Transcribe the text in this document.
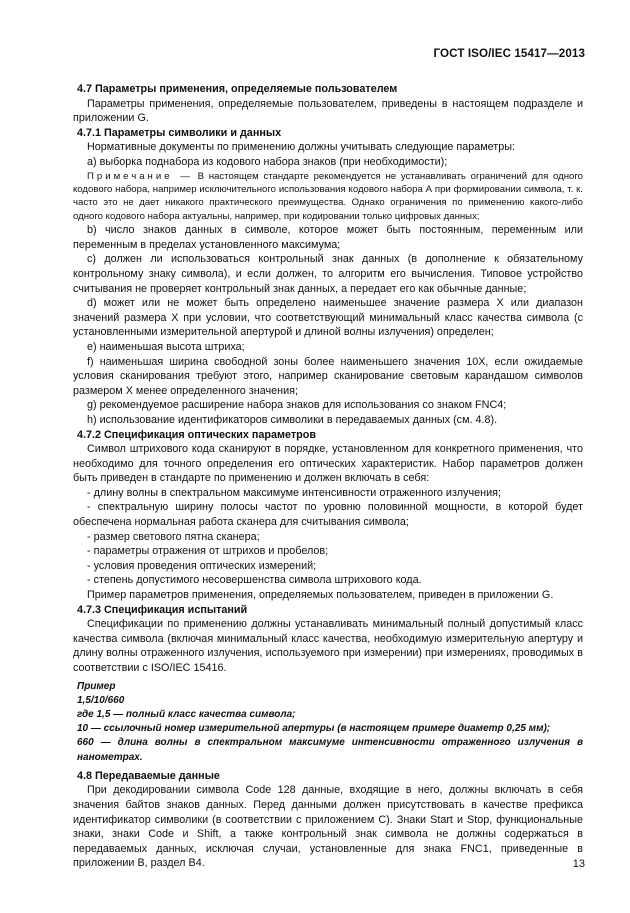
ГОСТ ISO/IEC 15417—2013

4.7 Параметры применения, определяемые пользователем

Параметры применения, определяемые пользователем, приведены в настоящем подразделе и приложении G.

4.7.1 Параметры символики и данных

Нормативные документы по применению должны учитывать следующие параметры:

а) выборка поднабора из кодового набора знаков (при необходимости);

Примечание — В настоящем стандарте рекомендуется не устанавливать ограничений для одного кодового набора, например исключительного использования кодового набора А при формировании символа, т. к. часто это не дает никакого практического преимущества. Однако ограничения по применению какого-либо одного кодового набора актуальны, например, при кодировании только цифровых данных;

b) число знаков данных в символе, которое может быть постоянным, переменным или переменным в пределах установленного максимума;

с) должен ли использоваться контрольный знак данных (в дополнение к обязательному контрольному знаку символа), и если должен, то алгоритм его вычисления. Типовое устройство считывания не проверяет контрольный знак данных, а передает его как обычные данные;

d) может или не может быть определено наименьшее значение размера X или диапазон значений размера X при условии, что соответствующий минимальный класс качества символа (с установленными измерительной апертурой и длиной волны излучения) определен;

е) наименьшая высота штриха;

f) наименьшая ширина свободной зоны более наименьшего значения 10X, если ожидаемые условия сканирования требуют этого, например сканирование световым карандашом символов размером X менее определенного значения;

g) рекомендуемое расширение набора знаков для использования со знаком FNC4;

h) использование идентификаторов символики в передаваемых данных (см. 4.8).

4.7.2 Спецификация оптических параметров

Символ штрихового кода сканируют в порядке, установленном для конкретного применения, что необходимо для точного определения его оптических характеристик. Набор параметров должен быть приведен в стандарте по применению и должен включать в себя:

- длину волны в спектральном максимуме интенсивности отраженного излучения;

- спектральную ширину полосы частот по уровню половинной мощности, в которой будет обеспечена нормальная работа сканера для считывания символа;

- размер светового пятна сканера;

- параметры отражения от штрихов и пробелов;

- условия проведения оптических измерений;

- степень допустимого несовершенства символа штрихового кода.

Пример параметров применения, определяемых пользователем, приведен в приложении G.

4.7.3 Спецификация испытаний

Спецификации по применению должны устанавливать минимальный полный допустимый класс качества символа (включая минимальный класс качества, необходимую измерительную апертуру и длину волны отраженного излучения, используемого при измерении) при измерениях, проводимых в соответствии с ISO/IEC 15416.

Пример

1,5/10/660

где 1,5 — полный класс качества символа;

10 — ссылочный номер измерительной апертуры (в настоящем примере диаметр 0,25 мм);

660 — длина волны в спектральном максимуме интенсивности отраженного излучения в нанометрах.

4.8 Передаваемые данные

При декодировании символа Code 128 данные, входящие в него, должны включать в себя значения байтов знаков данных. Перед данными должен присутствовать в качестве префикса идентификатор символики (в соответствии с приложением С). Знаки Start и Stop, функциональные знаки, знаки Code и Shift, а также контрольный знак символа не должны содержаться в передаваемых данных, исключая случаи, установленные для знака FNC1, приведенные в приложении В, раздел В4.	13
